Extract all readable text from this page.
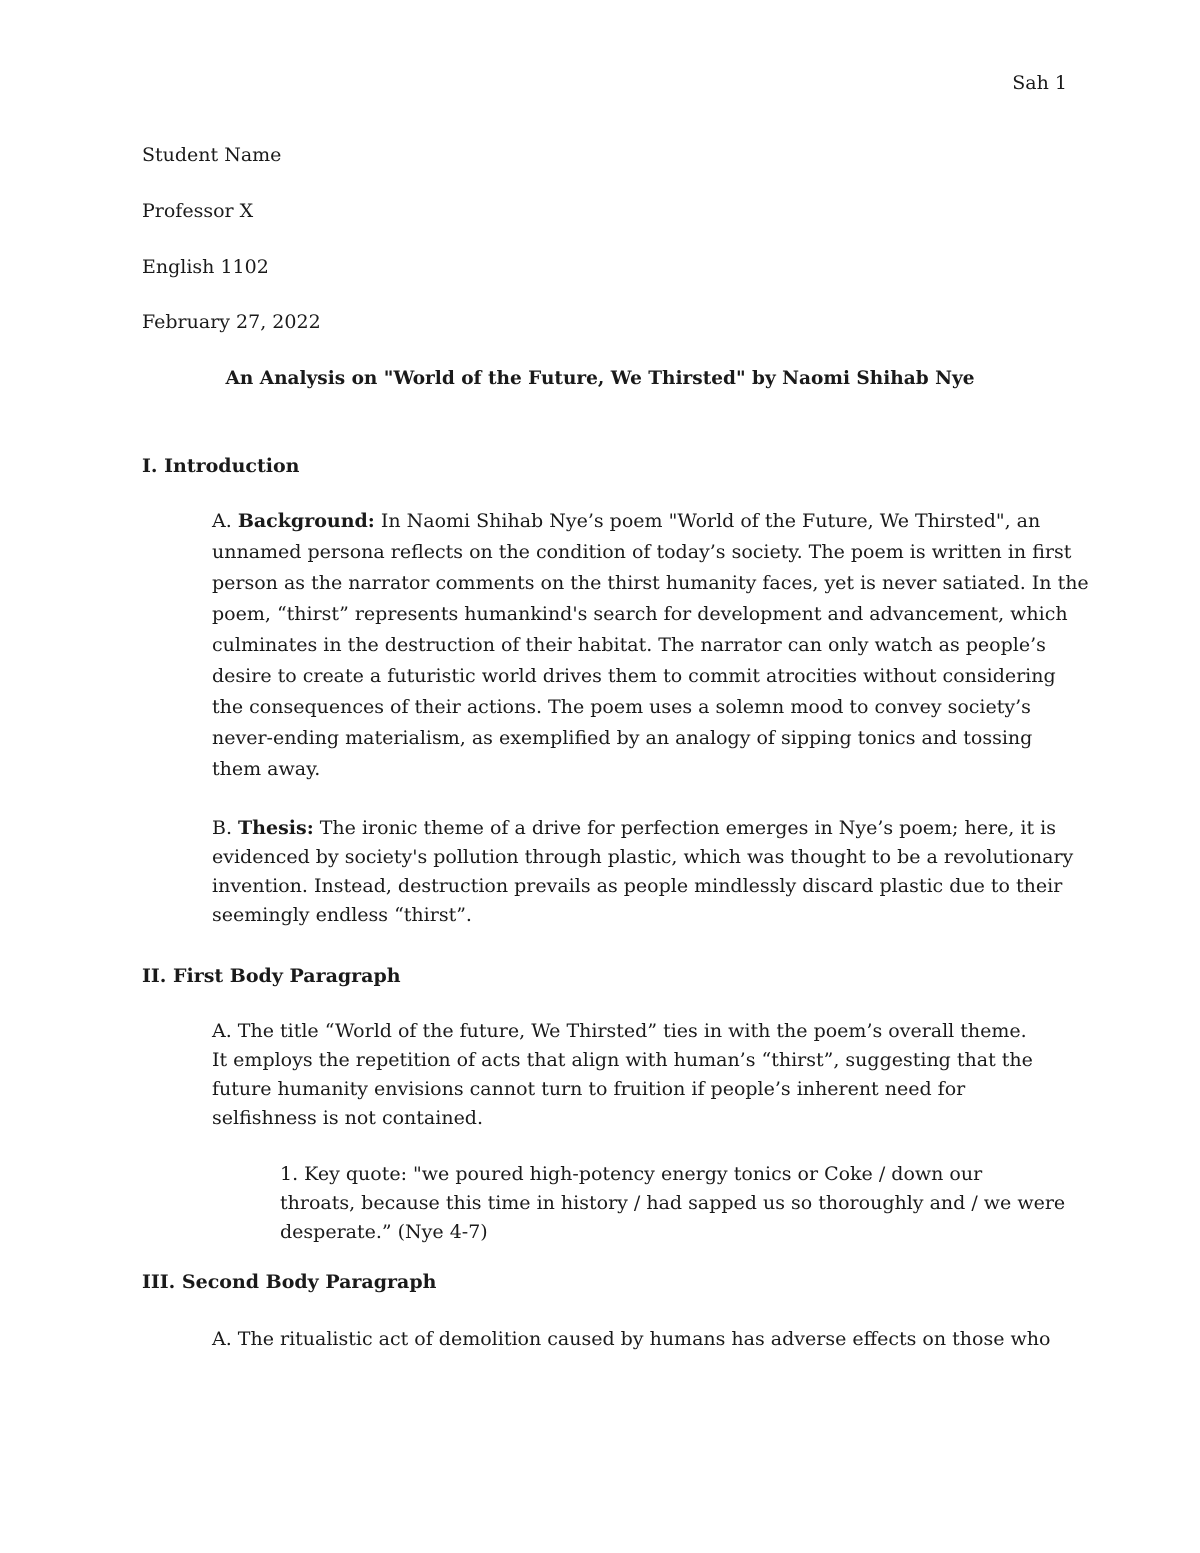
Sah 1
Student Name
Professor X
English 1102
February 27, 2022
An Analysis on "World of the Future, We Thirsted" by Naomi Shihab Nye
I. Introduction
A. Background: In Naomi Shihab Nye’s poem "World of the Future, We Thirsted", an
unnamed persona reflects on the condition of today’s society. The poem is written in first
person as the narrator comments on the thirst humanity faces, yet is never satiated. In the
poem, “thirst” represents humankind's search for development and advancement, which
culminates in the destruction of their habitat. The narrator can only watch as people’s
desire to create a futuristic world drives them to commit atrocities without considering
the consequences of their actions. The poem uses a solemn mood to convey society’s
never-ending materialism, as exemplified by an analogy of sipping tonics and tossing
them away.
B. Thesis: The ironic theme of a drive for perfection emerges in Nye’s poem; here, it is
evidenced by society's pollution through plastic, which was thought to be a revolutionary
invention. Instead, destruction prevails as people mindlessly discard plastic due to their
seemingly endless “thirst”.
II. First Body Paragraph
A. The title “World of the future, We Thirsted” ties in with the poem’s overall theme.
It employs the repetition of acts that align with human’s “thirst”, suggesting that the
future humanity envisions cannot turn to fruition if people’s inherent need for
selfishness is not contained.
1. Key quote: "we poured high-potency energy tonics or Coke / down our
throats, because this time in history / had sapped us so thoroughly and / we were
desperate.” (Nye 4-7)
III. Second Body Paragraph
A. The ritualistic act of demolition caused by humans has adverse effects on those who
